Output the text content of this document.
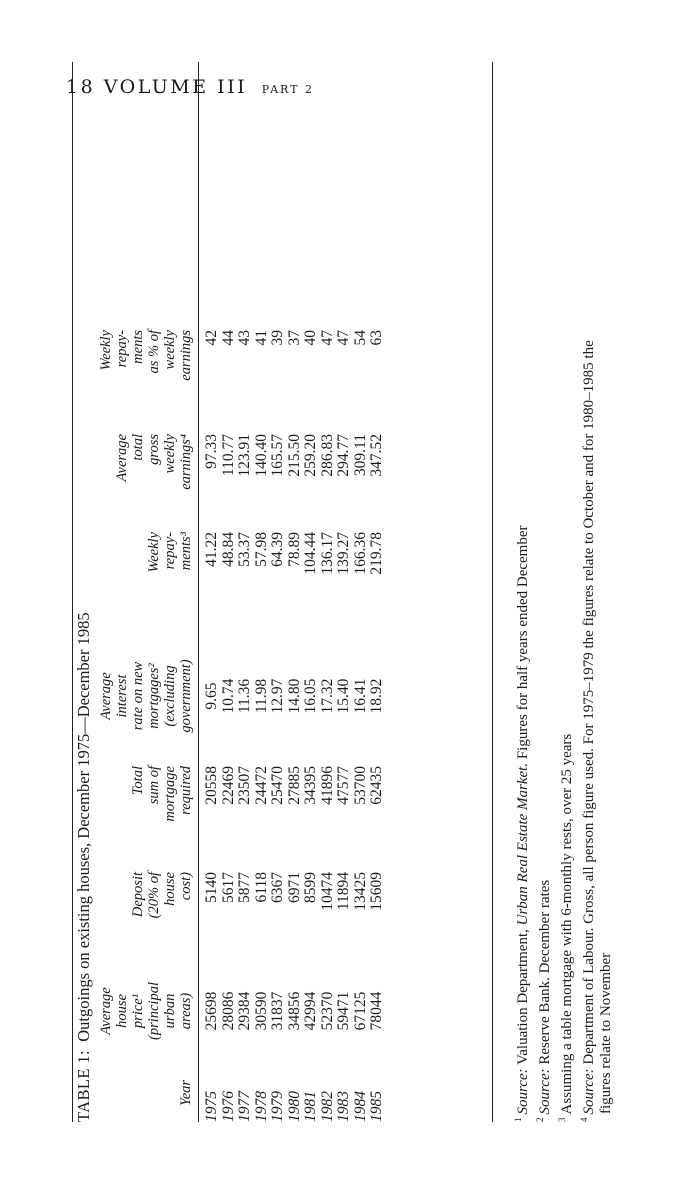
18 VOLUME III PART 2
TABLE 1:  Outgoings on existing houses, December 1975—December 1985
Year 1975 1976 1977 1978 1979 1980 1981 1982 1983 1984 1985
Average house price¹ (principal urban areas) 25698 28086 29384 30590 31837 34856 42994 52370 59471 67125 78044
Deposit (20% of house cost) 5140 5617 5877 6118 6367 6971 8599 10474 11894 13425 15609
Total sum of mortgage required 20558 22469 23507 24472 25470 27885 34395 41896 47577 53700 62435
Average interest rate on new mortgages² (excluding government) 9.65 10.74 11.36 11.98 12.97 14.80 16.05 17.32 15.40 16.41 18.92
Weekly repay- ments³ 41.22 48.84 53.37 57.98 64.39 78.89 104.44 136.17 139.27 166.36 219.78
Average total gross weekly earnings⁴ 97.33 110.77 123.91 140.40 165.57 215.50 259.20 286.83 294.77 309.11 347.52
Weekly repay- ments as % of weekly earnings 42 44 43 41 39 37 40 47 47 54 63
$^1$Source: Valuation Department, Urban Real Estate Market. Figures for half years ended December
$^2$Source: Reserve Bank. December rates
$^3$Assuming a table mortgage with 6-monthly rests, over 25 years
$^4$Source: Department of Labour. Gross, all person figure used. For 1975–1979 the figures relate to October and for 1980–1985 the figures relate to November
